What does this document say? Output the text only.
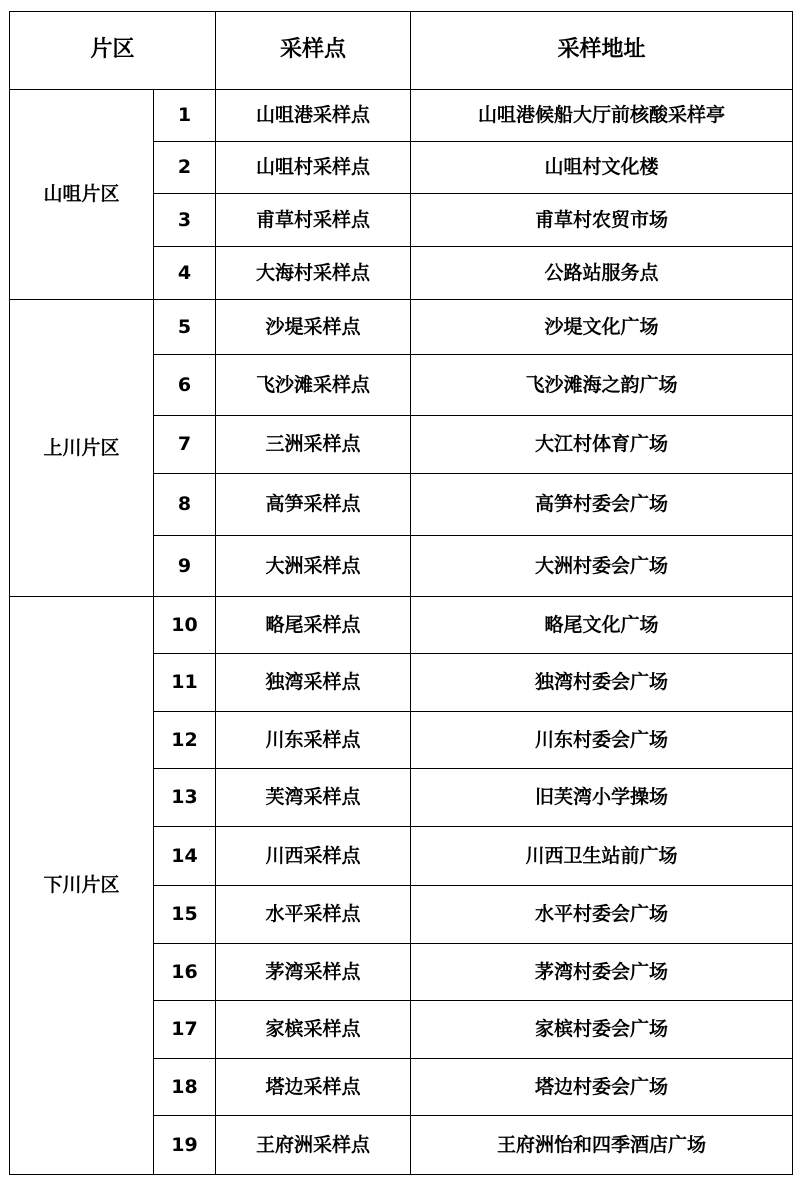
片区		采样点	采样地址
山咀片区	1	山咀港采样点	山咀港候船大厅前核酸采样亭
	2	山咀村采样点	山咀村文化楼
	3	甫草村采样点	甫草村农贸市场
	4	大海村采样点	公路站服务点
上川片区	5	沙堤采样点	沙堤文化广场
	6	飞沙滩采样点	飞沙滩海之韵广场
	7	三洲采样点	大江村体育广场
	8	高笋采样点	高笋村委会广场
	9	大洲采样点	大洲村委会广场
下川片区	10	略尾采样点	略尾文化广场
	11	独湾采样点	独湾村委会广场
	12	川东采样点	川东村委会广场
	13	芙湾采样点	旧芙湾小学操场
	14	川西采样点	川西卫生站前广场
	15	水平采样点	水平村委会广场
	16	茅湾采样点	茅湾村委会广场
	17	家槟采样点	家槟村委会广场
	18	塔边采样点	塔边村委会广场
	19	王府洲采样点	王府洲怡和四季酒店广场
